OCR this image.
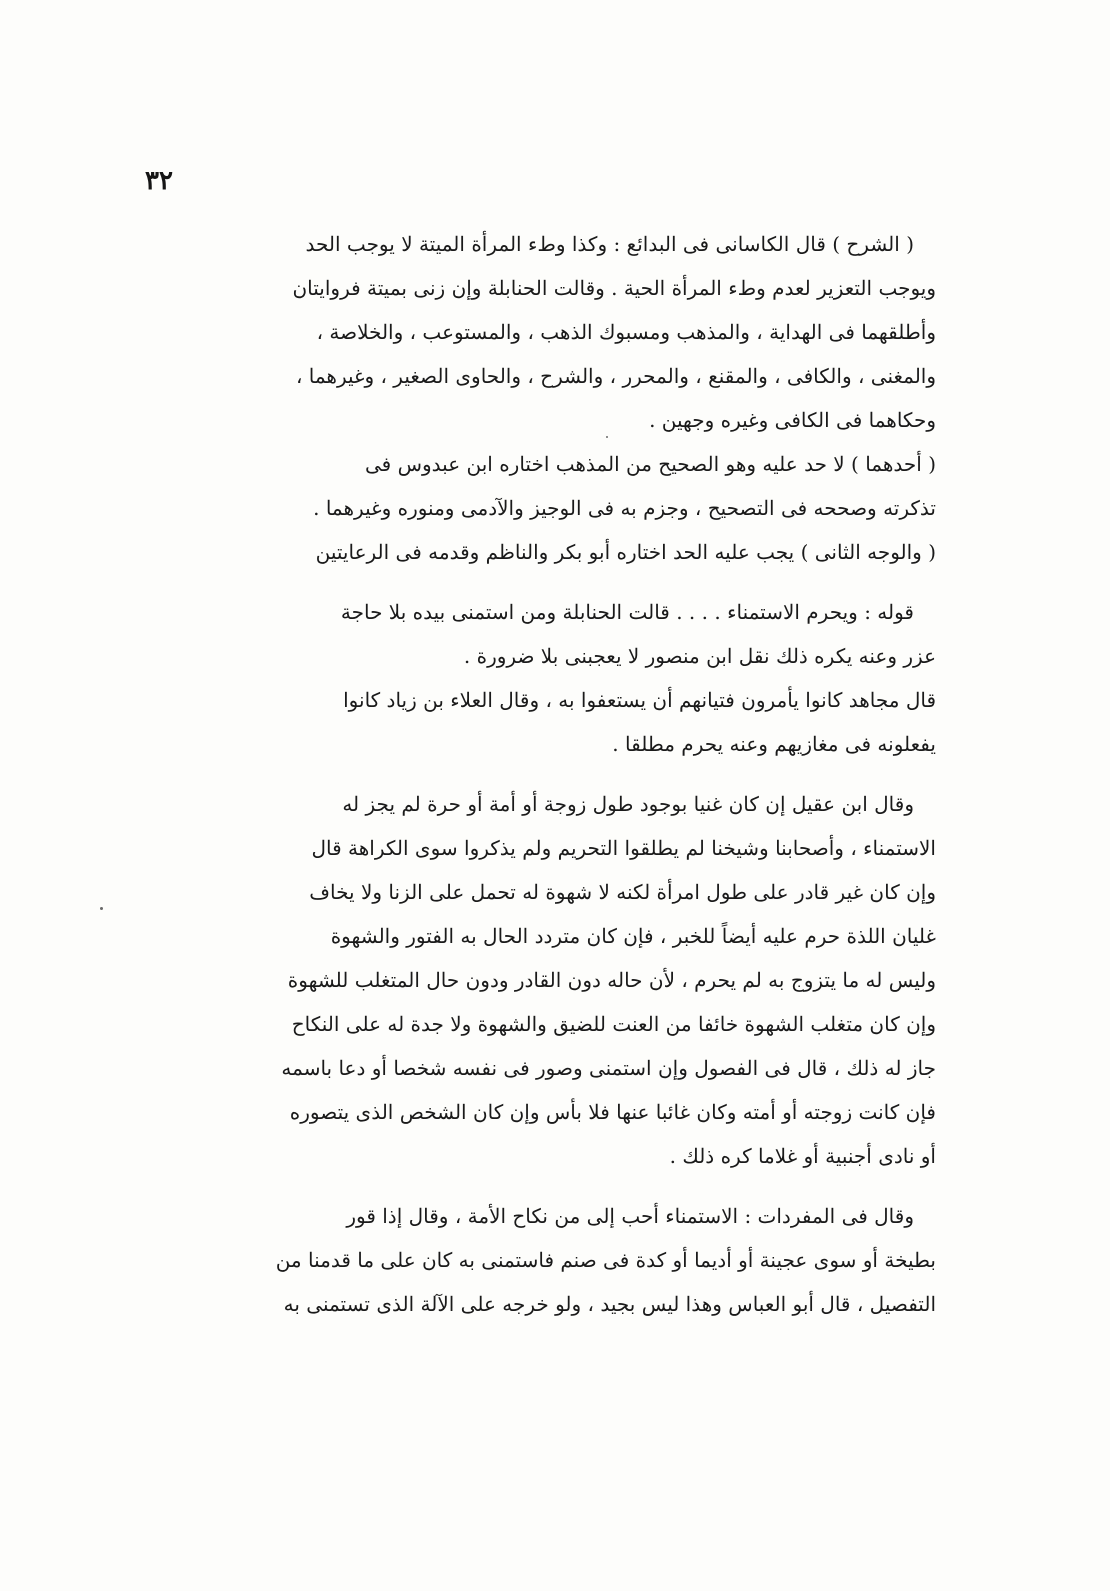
٣٢
( الشرح ) قال الكاسانى فى البدائع : وكذا وطء المرأة الميتة لا يوجب الحد
ويوجب التعزير لعدم وطء المرأة الحية . وقالت الحنابلة وإن زنى بميتة فروايتان
وأطلقهما فى الهداية ، والمذهب ومسبوك الذهب ، والمستوعب ، والخلاصة ،
والمغنى ، والكافى ، والمقنع ، والمحرر ، والشرح ، والحاوى الصغير ، وغيرهما ،
وحكاهما فى الكافى وغيره وجهين .
( أحدهما ) لا حد عليه وهو الصحيح من المذهب اختاره ابن عبدوس فى
تذكرته وصححه فى التصحيح ، وجزم به فى الوجيز والآدمى ومنوره وغيرهما .
( والوجه الثانى ) يجب عليه الحد اختاره أبو بكر والناظم وقدمه فى الرعايتين
قوله : ويحرم الاستمناء . . . . قالت الحنابلة ومن استمنى بيده بلا حاجة
عزر وعنه يكره ذلك نقل ابن منصور لا يعجبنى بلا ضرورة .
قال مجاهد كانوا يأمرون فتيانهم أن يستعفوا به ، وقال العلاء بن زياد كانوا
يفعلونه فى مغازيهم وعنه يحرم مطلقا .
وقال ابن عقيل إن كان غنيا بوجود طول زوجة أو أمة أو حرة لم يجز له
الاستمناء ، وأصحابنا وشيخنا لم يطلقوا التحريم ولم يذكروا سوى الكراهة قال
وإن كان غير قادر على طول امرأة لكنه لا شهوة له تحمل على الزنا ولا يخاف
غليان اللذة حرم عليه أيضاً للخبر ، فإن كان متردد الحال به الفتور والشهوة
وليس له ما يتزوج به لم يحرم ، لأن حاله دون القادر ودون حال المتغلب للشهوة
وإن كان متغلب الشهوة خائفا من العنت للضيق والشهوة ولا جدة له على النكاح
جاز له ذلك ، قال فى الفصول وإن استمنى وصور فى نفسه شخصا أو دعا باسمه
فإن كانت زوجته أو أمته وكان غائبا عنها فلا بأس وإن كان الشخص الذى يتصوره
أو نادى أجنبية أو غلاما كره ذلك .
وقال فى المفردات : الاستمناء أحب إلى من نكاح الأمة ، وقال إذا قور
بطيخة أو سوى عجينة أو أديما أو كدة فى صنم فاستمنى به كان على ما قدمنا من
التفصيل ، قال أبو العباس وهذا ليس بجيد ، ولو خرجه على الآلة الذى تستمنى به
